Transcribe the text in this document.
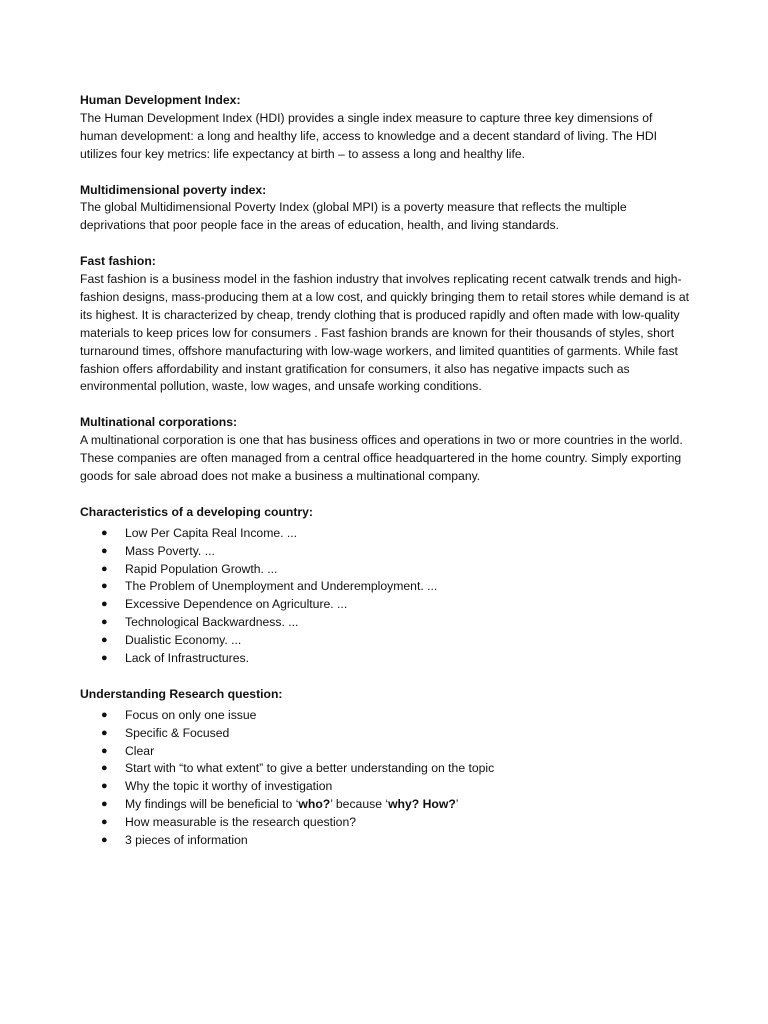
Human Development Index:

The Human Development Index (HDI) provides a single index measure to capture three key dimensions of human development: a long and healthy life, access to knowledge and a decent standard of living. The HDI utilizes four key metrics: life expectancy at birth – to assess a long and healthy life.

Multidimensional poverty index:

The global Multidimensional Poverty Index (global MPI) is a poverty measure that reflects the multiple deprivations that poor people face in the areas of education, health, and living standards.

Fast fashion:

Fast fashion is a business model in the fashion industry that involves replicating recent catwalk trends and high-fashion designs, mass-producing them at a low cost, and quickly bringing them to retail stores while demand is at its highest. It is characterized by cheap, trendy clothing that is produced rapidly and often made with low-quality materials to keep prices low for consumers . Fast fashion brands are known for their thousands of styles, short turnaround times, offshore manufacturing with low-wage workers, and limited quantities of garments. While fast fashion offers affordability and instant gratification for consumers, it also has negative impacts such as environmental pollution, waste, low wages, and unsafe working conditions.

Multinational corporations:

A multinational corporation is one that has business offices and operations in two or more countries in the world. These companies are often managed from a central office headquartered in the home country. Simply exporting goods for sale abroad does not make a business a multinational company.

Characteristics of a developing country:

● Low Per Capita Real Income. ...
● Mass Poverty. ...
● Rapid Population Growth. ...
● The Problem of Unemployment and Underemployment. ...
● Excessive Dependence on Agriculture. ...
● Technological Backwardness. ...
● Dualistic Economy. ...
● Lack of Infrastructures.

Understanding Research question:

● Focus on only one issue
● Specific & Focused
● Clear
● Start with “to what extent” to give a better understanding on the topic
● Why the topic it worthy of investigation
● My findings will be beneficial to ‘who?’ because ‘why? How?’
● How measurable is the research question?
● 3 pieces of information
